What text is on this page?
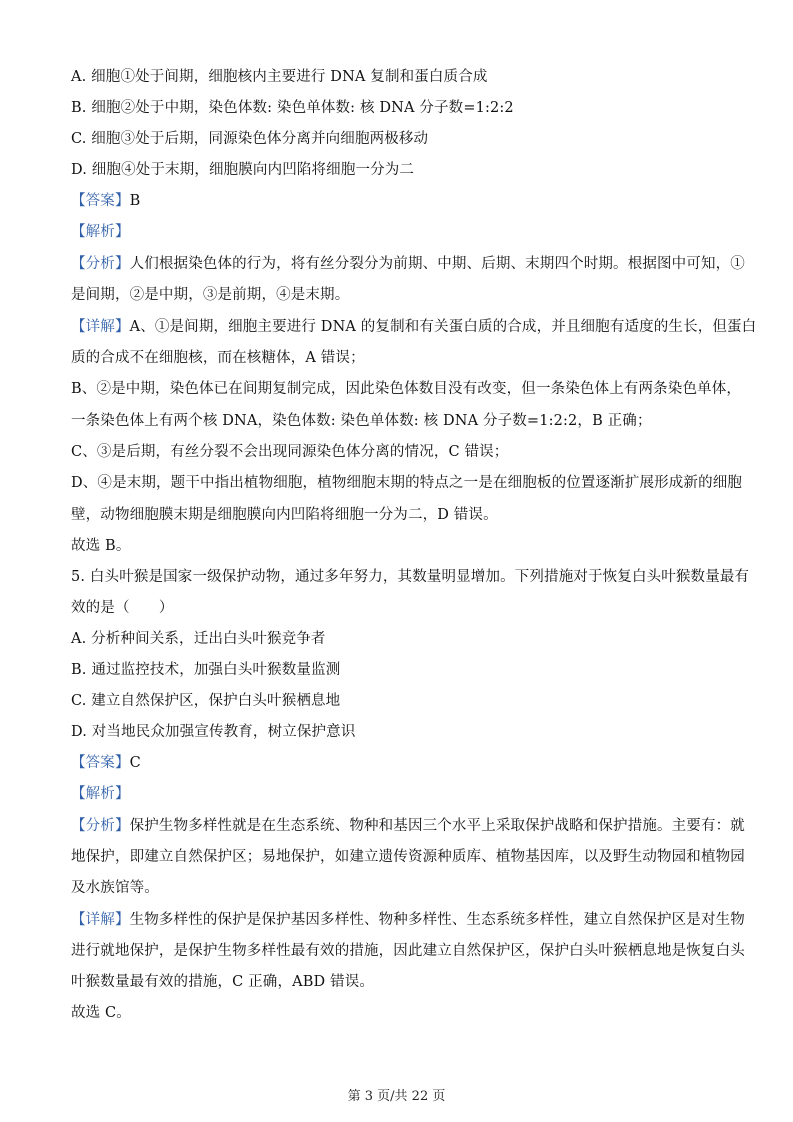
A. 细胞①处于间期，细胞核内主要进行 DNA 复制和蛋白质合成
B. 细胞②处于中期，染色体数: 染色单体数: 核 DNA 分子数=1:2:2
C. 细胞③处于后期，同源染色体分离并向细胞两极移动
D. 细胞④处于末期，细胞膜向内凹陷将细胞一分为二
【答案】B
【解析】
【分析】人们根据染色体的行为，将有丝分裂分为前期、中期、后期、末期四个时期。根据图中可知，①
是间期，②是中期，③是前期，④是末期。
【详解】A、①是间期，细胞主要进行 DNA 的复制和有关蛋白质的合成，并且细胞有适度的生长，但蛋白
质的合成不在细胞核，而在核糖体，A 错误；
B、②是中期，染色体已在间期复制完成，因此染色体数目没有改变，但一条染色体上有两条染色单体，
一条染色体上有两个核 DNA，染色体数: 染色单体数: 核 DNA 分子数=1:2:2，B 正确；
C、③是后期，有丝分裂不会出现同源染色体分离的情况，C 错误；
D、④是末期，题干中指出植物细胞，植物细胞末期的特点之一是在细胞板的位置逐渐扩展形成新的细胞
壁，动物细胞膜末期是细胞膜向内凹陷将细胞一分为二，D 错误。
故选 B。
5. 白头叶猴是国家一级保护动物，通过多年努力，其数量明显增加。下列措施对于恢复白头叶猴数量最有
效的是（　　）
A. 分析种间关系，迁出白头叶猴竞争者
B. 通过监控技术，加强白头叶猴数量监测
C. 建立自然保护区，保护白头叶猴栖息地
D. 对当地民众加强宣传教育，树立保护意识
【答案】C
【解析】
【分析】保护生物多样性就是在生态系统、物种和基因三个水平上采取保护战略和保护措施。主要有：就
地保护，即建立自然保护区；易地保护，如建立遗传资源种质库、植物基因库，以及野生动物园和植物园
及水族馆等。
【详解】生物多样性的保护是保护基因多样性、物种多样性、生态系统多样性，建立自然保护区是对生物
进行就地保护，是保护生物多样性最有效的措施，因此建立自然保护区，保护白头叶猴栖息地是恢复白头
叶猴数量最有效的措施，C 正确，ABD 错误。
故选 C。
第 3 页/共 22 页
